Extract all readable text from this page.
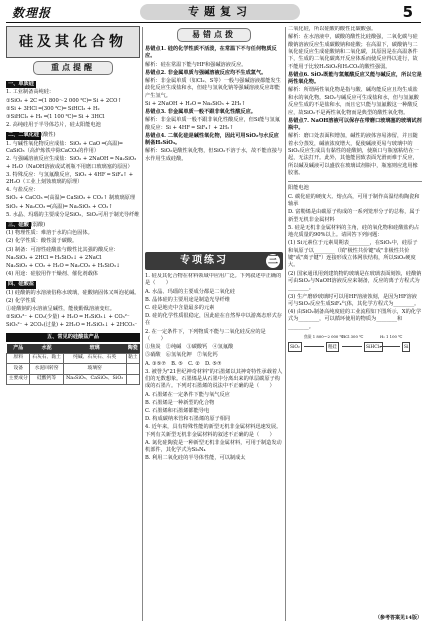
数理报	专题复习	5
硅及其化合物
重点提醒
一、单质硅
1. 工业制备高纯硅：
①SiO₂ + 2C ═(1 800～2 000 ℃)═ Si + 2CO↑
②Si + 3HCl ═(300 ℃)═ SiHCl₃ + H₂
③SiHCl₃ + H₂ ═(1 100 ℃)═ Si + 3HCl
2. 高纯硅用于半导体芯片，硅太阳能电池
二、二氧化硅 (酸性)
1. 与碱性氧化物反应成盐：SiO₂ + CaO ═(高温)═ CaSiO₃（高炉炼铁中除CaCO₃的作用）
2. 与强碱溶液反应生成盐：SiO₂ + 2NaOH ═ Na₂SiO₃ + H₂O（NaOH溶液或试剂瓶不用磨口玻璃塞的原因）
3. 特殊反应：与氢氟酸反应，SiO₂ + 4HF ═ SiF₄↑ + 2H₂O（工业上刻蚀玻璃的原理）
4. 与盐反应：
SiO₂ + CaCO₃ ═(高温)═ CaSiO₃ + CO₂↑ 制玻璃原理
SiO₂ + Na₂CO₃ ═(高温)═ Na₂SiO₃ + CO₂↑
5. 水晶、玛瑙的主要成分是SiO₂，SiO₂可用于制光导纤维
三、硅酸 (弱酸)
(1) 物理性质：难溶于水的白色固体。
(2) 化学性质：酸性弱于碳酸。
(3) 制备：可溶性硅酸盐与酸性比其强的酸反应：
Na₂SiO₃ + 2HCl ═ H₂SiO₃↓ + 2NaCl
Na₂SiO₃ + CO₂ + H₂O ═ Na₂CO₃ + H₂SiO₃↓
(4) 用途：硅胶用作干燥剂、催化剂载体
四、硅酸盐
(1) 硅酸钠的水溶液俗称水玻璃，硅酸钠固体又叫泡花碱。
(2) 化学性质
①硅酸钠的水溶液呈碱性，能使酚酞溶液变红。
②SiO₃²⁻ + CO₂(少量) + H₂O ═ H₂SiO₃↓ + CO₃²⁻
SiO₃²⁻ + 2CO₂(过量) + 2H₂O ═ H₂SiO₃↓ + 2HCO₃⁻
五、常见的硅酸盐产品
产品	水泥	玻璃	陶瓷
原料	石灰石、黏土	纯碱、石灰石、石英	黏土
设备	水泥回转窑	玻璃窑	
主要成分	硅酸钙等	Na₂SiO₃、CaSiO₃、SiO₂	
易错点拨
易错点1. 硅的化学性质不活泼，在常温下不与任何物质反应。
解析：硅在常温下能与HF和强碱溶液反应。
易错点2. 非金属单质与强碱溶液反应均不生成氢气。
解析：非金属单质（如Cl₂、S等）一般与强碱溶液都能发生歧化反应生成盐和水，但硅与氢氧化钠等强碱溶液反应却能产生氢气。
Si + 2NaOH + H₂O ═ Na₂SiO₃ + 2H₂↑
易错点3. 非金属单质一般不跟非氧化性酸反应。
解析：非金属单质一般不跟非氧化性酸反应，但Si能与氢氟酸反应：Si + 4HF ═ SiF₄↑ + 2H₂↑
易错点4. 二氧化硅是碱性氧化物，因此可用SiO₂与水反应制备H₂SiO₃。
解析：SiO₂是酸性氧化物，但SiO₂不溶于水，故不能直接与水作用生成硅酸。
专项练习	三
1. 硅及其化合物在材料领域中应用广泛。下列叙述中正确的是（　　）
A. 水晶、玛瑙的主要成分都是二氧化硅
B. 晶体硅的主要用途是制造光导纤维
C. 硅是地壳中含量最多的元素
D. 硅的化学性质很稳定，因此硅在自然界中以游离态形式存在
2. 在一定条件下，下列物质不能与二氧化硅反应的是（　　）
①焦炭　②纯碱　③碳酸钙　④氢氟酸
⑤硝酸　⑥氢氧化钾　⑦氧化钙
A. ③⑤⑦　B. ⑤　C. ②　D. ⑤⑦
3. 被誉为"21世纪神奇材料"的石墨烯以其神奇特性承载着人们的无数想象。石墨烯是从石墨中分离出来的单层碳原子构成的石墨片。下列对石墨烯的说法中不正确的是（　　）
A. 石墨烯在一定条件下能与氧气反应
B. 石墨烯是一种新型的化合物
C. 石墨烯和石墨烯都能导电
D. 构成碳纳米管和石墨烯的原子相同
4. 近年来，具有特殊性能的新型无机非金属材料迅速发展。下列有关新型无机非金属材料的叙述不正确的是（　　）
A. 氮化硅陶瓷是一种新型无机非金属材料，可用于制造发动机部件，其化学式为Si₃N₄
B. 利用二氧化硅的半导体性能，可以制成太
二氧化硅，所以硅酸的酸性比碳酸强。
解析：在水溶液中，碳酸的酸性比硅酸强，二氧化碳与硅酸钠溶液反应生成碳酸钠和硅酸；在高温下，碳酸钠与二氧化硅反应生成硅酸钠和二氧化碳，其原因是在高温条件下，生成的二氧化碳离开反应体系而使反应得以进行，故不能用于比较H₂SiO₃和H₂CO₃的酸性强弱。
易错点6. SiO₂既能与氢氟酸反应又能与碱反应，所以它是两性氧化物。
解析：所谓两性氧化物是指与酸、碱均能反应且均生成盐和水的氧化物。SiO₂与碱反应可生成盐和水，但与氢氟酸反应生成的不是盐和水，而且它只能与氢氟酸这一种酸反应，故SiO₂不是两性氧化物而是典型的酸性氧化物。
易错点7. NaOH溶液可以保存在带磨口玻璃塞的玻璃试剂瓶中。
解析：磨口处表面积增加，碱性的液体容易渗留，并且随着水分蒸发，碱液浓度增大，促使碱液更易与玻璃中的SiO₂反应生成具有黏性的硅酸钠，使瓶口与瓶塞粘结在一起，无法打开。此外，其他能因致表面光滑而难于反应，所以碱及碱液可以盛放在玻璃试剂瓶中，瓶塞则应选用橡胶塞。
阳能电池
C. 碳化硅的硬度大、熔点高，可用于制作高温结构陶瓷和轴承
D. 富勒烯是由碳原子构成的一系列笼形分子的总称，属于新型无机非金属材料
5. 硅是无机非金属材料的主角，硅的氧化物和硅酸盐约占地壳质量的90%以上。请回答下列问题：
(1) Si元素位于元素周期表________，在SiO₂中，硅原子和氧原子以________（填"极性共价键"或"非极性共价键"或"离子键"）连接形成立体网状结构，所以SiO₂硬度大。
(2) 国家通讯用到建筑物的玻璃是在玻璃表面刻蚀，硅酸钠可由SiO₂与NaOH溶液反应来制备，反应的离子方程式为________。
(3) 生产磨砂玻璃时可以用HF溶液蚀刻，是因为HF溶液可与SiO₂反应生成SiF₄气体，其化学方程式为________。
(4) 由SiO₂制备高纯度硅的工业流程如下图所示，X的化学式为________，可以循环使用的物质为________和________。
SiO₂
焦炭 1 800～2 000 ℃
粗硅
HCl 300 ℃
SiHCl₃
H₂ 1 100 ℃
Si
（参考答案见14版）
